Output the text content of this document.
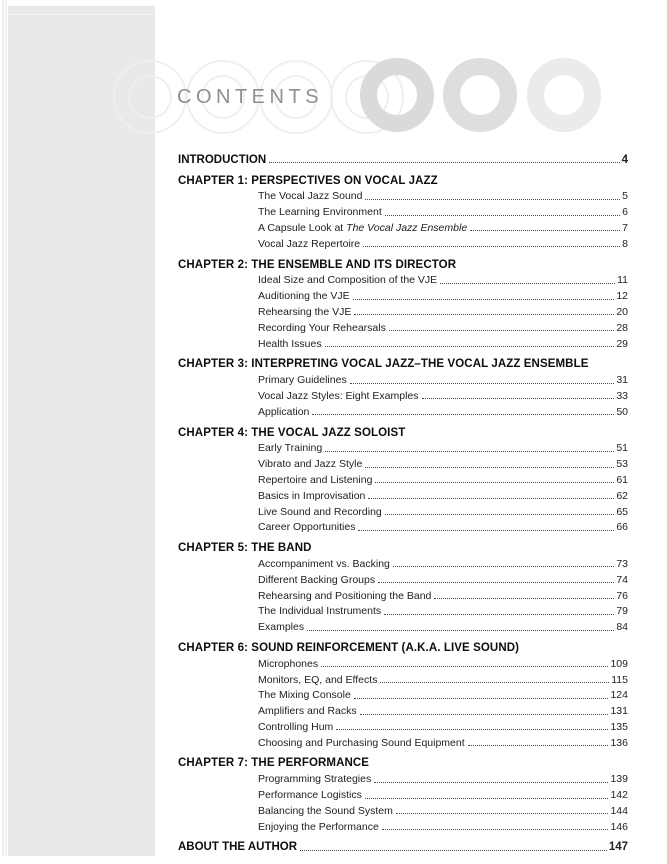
CONTENTS
INTRODUCTION	4
CHAPTER 1: PERSPECTIVES ON VOCAL JAZZ
The Vocal Jazz Sound	5
The Learning Environment	6
A Capsule Look at The Vocal Jazz Ensemble	7
Vocal Jazz Repertoire	8
CHAPTER 2: THE ENSEMBLE AND ITS DIRECTOR
Ideal Size and Composition of the VJE	11
Auditioning the VJE	12
Rehearsing the VJE	20
Recording Your Rehearsals	28
Health Issues	29
CHAPTER 3: INTERPRETING VOCAL JAZZ–THE VOCAL JAZZ ENSEMBLE
Primary Guidelines	31
Vocal Jazz Styles: Eight Examples	33
Application	50
CHAPTER 4: THE VOCAL JAZZ SOLOIST
Early Training	51
Vibrato and Jazz Style	53
Repertoire and Listening	61
Basics in Improvisation	62
Live Sound and Recording	65
Career Opportunities	66
CHAPTER 5: THE BAND
Accompaniment vs. Backing	73
Different Backing Groups	74
Rehearsing and Positioning the Band	76
The Individual Instruments	79
Examples	84
CHAPTER 6: SOUND REINFORCEMENT (A.K.A. LIVE SOUND)
Microphones	109
Monitors, EQ, and Effects	115
The Mixing Console	124
Amplifiers and Racks	131
Controlling Hum	135
Choosing and Purchasing Sound Equipment	136
CHAPTER 7: THE PERFORMANCE
Programming Strategies	139
Performance Logistics	142
Balancing the Sound System	144
Enjoying the Performance	146
ABOUT THE AUTHOR	147
